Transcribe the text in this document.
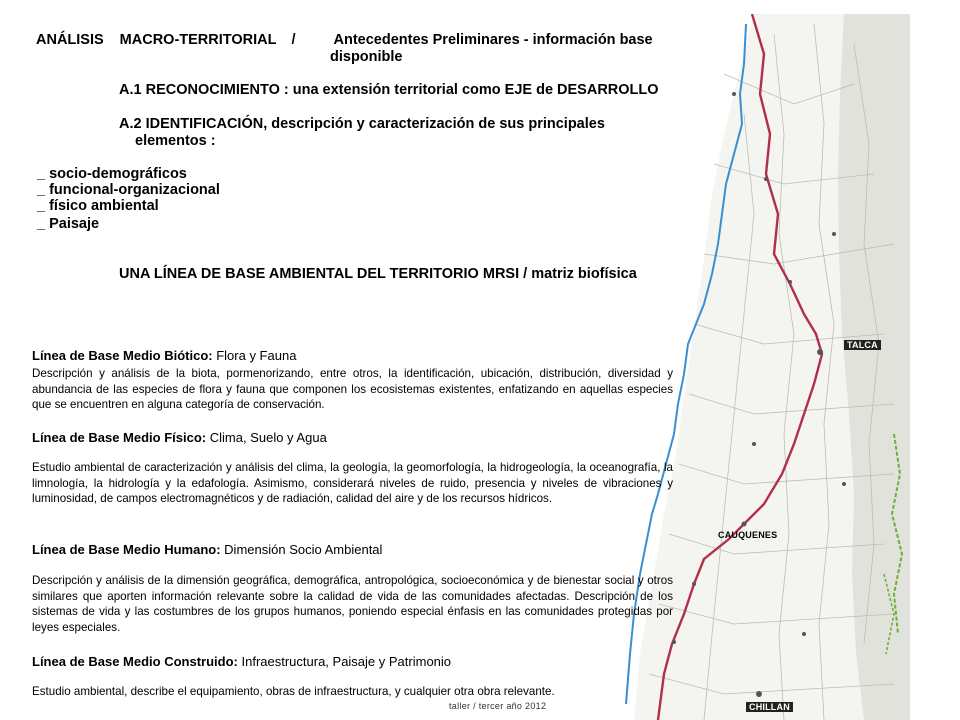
TALCA
CAUQUENES
CHILLAN
ANÁLISIS MACRO-TERRITORIAL /	Antecedentes Preliminares - información base
disponible
A.1 RECONOCIMIENTO : una extensión territorial como EJE de DESARROLLO
A.2 IDENTIFICACIÓN, descripción y caracterización de sus principales
elementos :
_ socio-demográficos
_ funcional-organizacional
_ físico ambiental
_ Paisaje
UNA LÍNEA DE BASE AMBIENTAL DEL TERRITORIO MRSI / matriz biofísica
Línea de Base Medio Biótico: Flora y Fauna
Descripción y análisis de la biota, pormenorizando, entre otros, la identificación, ubicación, distribución, diversidad y abundancia de las especies de flora y fauna que componen los ecosistemas existentes, enfatizando en aquellas especies que se encuentren en alguna categoría de conservación.
Línea de Base Medio Físico: Clima, Suelo y Agua
Estudio ambiental de caracterización y análisis del clima, la geología, la geomorfología, la hidrogeología, la oceanografía, la limnología, la hidrología y la edafología. Asimismo, considerará niveles de ruido, presencia y niveles de vibraciones y luminosidad, de campos electromagnéticos y de radiación, calidad del aire y de los recursos hídricos.
Línea de Base Medio Humano: Dimensión Socio Ambiental
Descripción y análisis de la dimensión geográfica, demográfica, antropológica, socioeconómica y de bienestar social y otros similares que aporten información relevante sobre la calidad de vida de las comunidades afectadas. Descripción de los sistemas de vida y las costumbres de los grupos humanos, poniendo especial énfasis en las comunidades protegidas por leyes especiales.
Línea de Base Medio Construido: Infraestructura, Paisaje y Patrimonio
Estudio ambiental, describe el equipamiento, obras de infraestructura, y cualquier otra obra relevante.
taller / tercer año 2012
